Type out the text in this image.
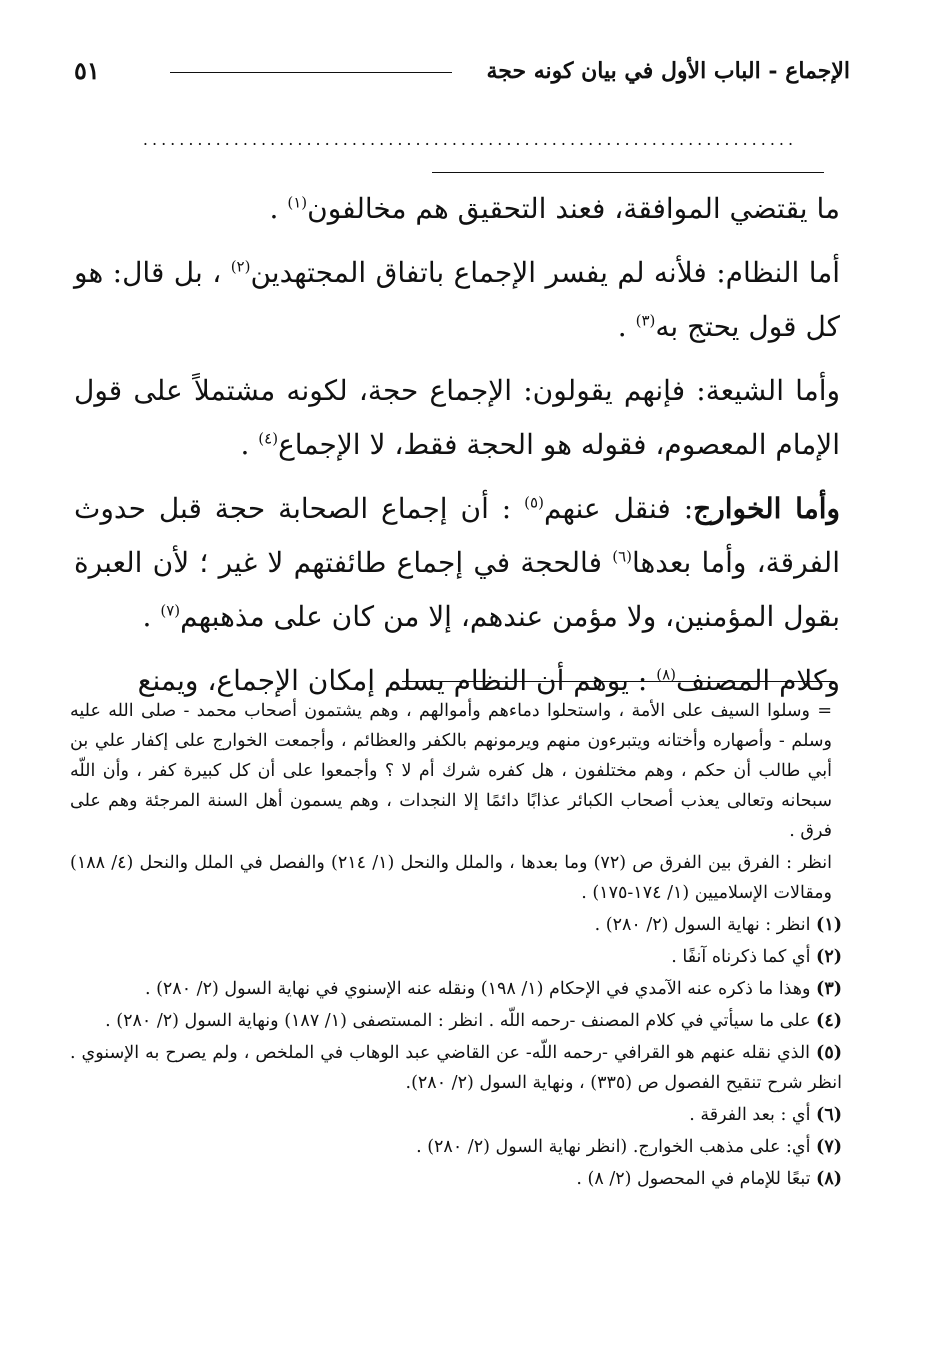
الإجماع - الباب الأول في بيان كونه حجة
٥١
........................................................................

ما يقتضي الموافقة، فعند التحقيق هم مخالفون$^{(١)}$ .

أما النظام: فلأنه لم يفسر الإجماع باتفاق المجتهدين$^{(٢)}$ ، بل قال: هو كل قول يحتج به$^{(٣)}$ .

وأما الشيعة: فإنهم يقولون: الإجماع حجة، لكونه مشتملاً على قول الإمام المعصوم، فقوله هو الحجة فقط، لا الإجماع$^{(٤)}$ .

وأما الخوارج: فنقل عنهم$^{(٥)}$ : أن إجماع الصحابة حجة قبل حدوث الفرقة، وأما بعدها$^{(٦)}$ فالحجة في إجماع طائفتهم لا غير ؛ لأن العبرة بقول المؤمنين، ولا مؤمن عندهم، إلا من كان على مذهبهم$^{(٧)}$ .

وكلام المصنف$^{(٨)}$ : يوهم أن النظام يسلم إمكان الإجماع، ويمنع

= وسلوا السيف على الأمة ، واستحلوا دماءهم وأموالهم ، وهم يشتمون أصحاب محمد - صلى الله عليه وسلم - وأصهاره وأختانه ويتبرءون منهم ويرمونهم بالكفر والعظائم ، وأجمعت الخوارج على إكفار علي بن أبي طالب أن حكم ، وهم مختلفون ، هل كفره شرك أم لا ؟ وأجمعوا على أن كل كبيرة كفر ، وأن اللّه سبحانه وتعالى يعذب أصحاب الكبائر عذابًا دائمًا إلا النجدات ، وهم يسمون أهل السنة المرجئة وهم على فرق .

انظر : الفرق بين الفرق ص (٧٢) وما بعدها ، والملل والنحل (١/ ٢١٤) والفصل في الملل والنحل (٤/ ١٨٨) ومقالات الإسلاميين (١/ ١٧٤-١٧٥) .

(١) انظر : نهاية السول (٢/ ٢٨٠) .

(٢) أي كما ذكرناه آنفًا .

(٣) وهذا ما ذكره عنه الآمدي في الإحكام (١/ ١٩٨) ونقله عنه الإسنوي في نهاية السول (٢/ ٢٨٠) .

(٤) على ما سيأتي في كلام المصنف -رحمه اللّه . انظر : المستصفى (١/ ١٨٧) ونهاية السول (٢/ ٢٨٠) .

(٥) الذي نقله عنهم هو القرافي -رحمه اللّه- عن القاضي عبد الوهاب في الملخص ، ولم يصرح به الإسنوي . انظر شرح تنقيح الفصول ص (٣٣٥) ، ونهاية السول (٢/ ٢٨٠).

(٦) أي : بعد الفرقة .

(٧) أي: على مذهب الخوارج. (انظر نهاية السول (٢/ ٢٨٠) .

(٨) تبعًا للإمام في المحصول (٢/ ٨) .
